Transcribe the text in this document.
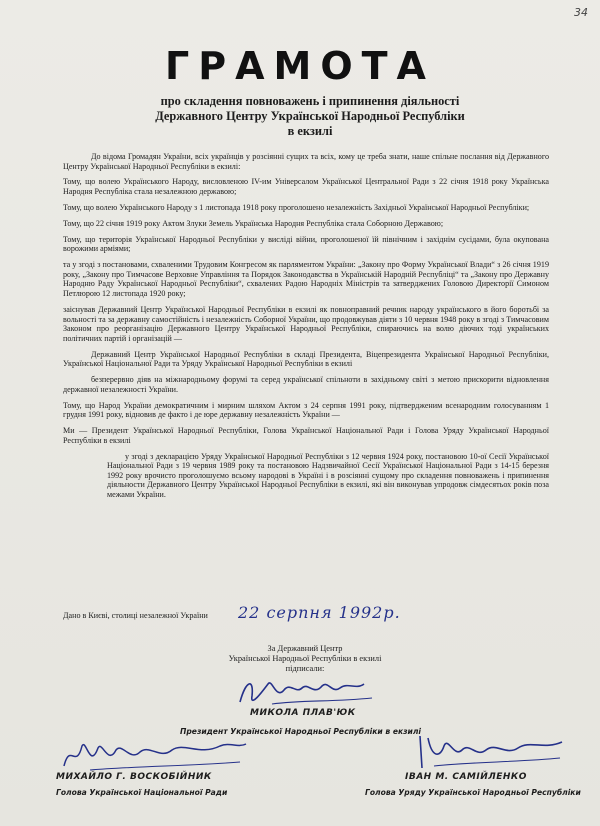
34
ГРАМОТА
про складення повноважень і припинення діяльності
Державного Центру Української Народньої Республіки
в екзилі

До відома Громадян України, всіх українців у розсіянні сущих та всіх, кому це треба знати, наше спільне послання від Державного Центру Української Народньої Республіки в екзилі:

Тому, що волею Українського Народу, висловленою IV-им Універсалом Української Центральної Ради з 22 січня 1918 року Українська Народня Республіка стала незалежною державою;

Тому, що волею Українського Народу з 1 листопада 1918 року проголошено незалежність Західньої Української Народньої Республіки;

Тому, що 22 січня 1919 року Актом Злуки Земель Українська Народня Республіка стала Соборною Державою;

Тому, що територія Української Народньої Республіки у висліді війни, проголошеної їй північним і західнім сусідами, була окупована ворожими арміями;

та у згоді з постановами, схваленими Трудовим Конгресом як парляментом України: „Закону про Форму Української Влади“ з 26 січня 1919 року, „Закону про Тимчасове Верховне Управління та Порядок Законодавства в Українській Народній Республіці“ та „Закону про Державну Народню Раду Української Народньої Республіки“, схвалених Радою Народніх Міністрів та затверджених Головою Директорії Симоном Петлюрою 12 листопада 1920 року;

заіснував Державний Центр Української Народньої Республіки в екзилі як повноправний речник народу українського в його боротьбі за вольності та за державну самостійність і незалежність Соборної України, що продовжував діяти з 10 червня 1948 року в згоді з Тимчасовим Законом про реорганізацію Державного Центру Української Народньої Республіки, спираючись на волю діючих тоді українських політичних партій і організацій —

Державний Центр Української Народньої Республіки в складі Президента, Віцепрезидента Української Народньої Республіки, Української Національної Ради та Уряду Української Народньої Республіки в екзилі

безперервно діяв на міжнародньому форумі та серед української спільноти в західньому світі з метою прискорити відновлення державної незалежності України.

Тому, що Народ України демократичним і мирним шляхом Актом з 24 серпня 1991 року, підтвердженим всенародним голосуванням 1 грудня 1991 року, відновив де факто і де юре державну незалежність України —

Ми — Президент Української Народньої Республіки, Голова Української Національної Ради і Голова Уряду Української Народньої Республіки в екзилі

у згоді з декларацією Уряду Української Народньої Республіки з 12 червня 1924 року, постановою 10-ої Сесії Української Національної Ради з 19 червня 1989 року та постановою Надзвичайної Сесії Української Національної Ради з 14-15 березня 1992 року врочисто проголошуємо всьому народові в Україні і в розсіянні сущому про складення повноважень і припинення діяльности Державного Центру Української Народньої Республіки в екзилі, які він виконував упродовж сімдесятьох років поза межами України.

Дано в Києві, столиці незалежної України 22 серпня 1992р.
За Державний Центр
Української Народньої Республіки в екзилі
підписали:
МИКОЛА ПЛАВ'ЮК
Президент Української Народньої Республіки в екзилі
МИХАЙЛО Г. ВОСКОБІЙНИК
Голова Української Національної Ради
ІВАН М. САМІЙЛЕНКО
Голова Уряду Української Народньої Республіки
